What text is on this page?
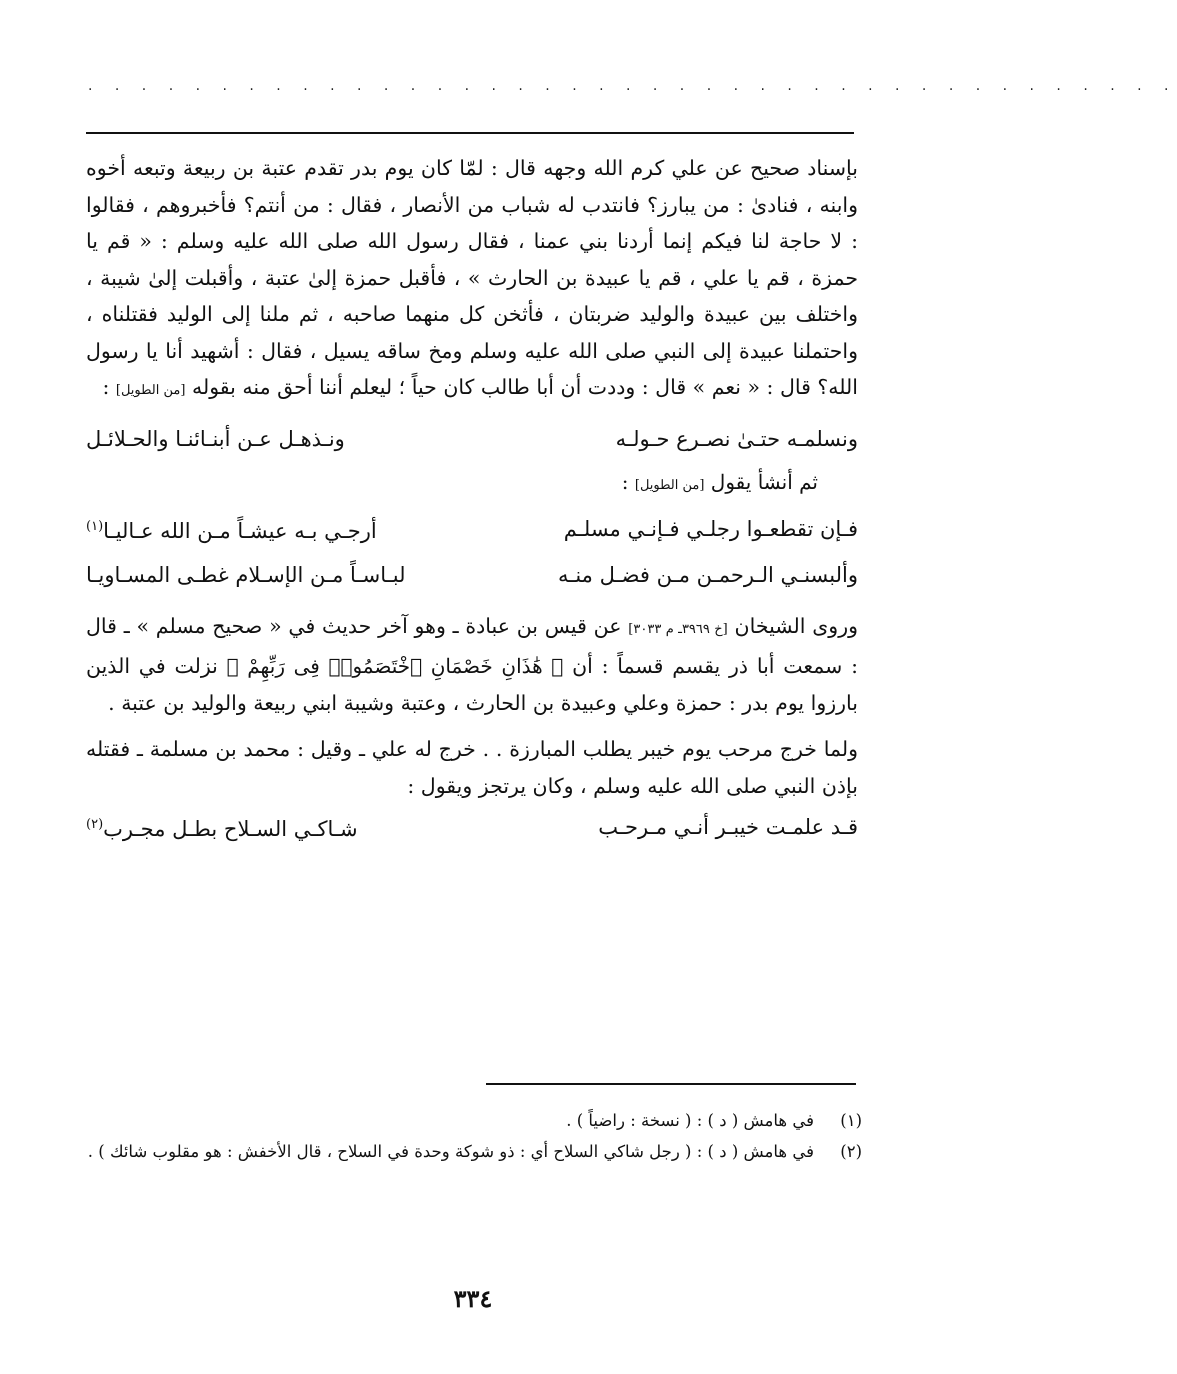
. . . . . . . . . . . . . . . . . . . . . . . . . . . . . . . . . . . . . . . . .

بإسناد صحيح عن علي كرم الله وجهه قال : لمّا كان يوم بدر تقدم عتبة بن ربيعة وتبعه أخوه وابنه ، فنادىٰ : من يبارز؟ فانتدب له شباب من الأنصار ، فقال : من أنتم؟ فأخبروهم ، فقالوا : لا حاجة لنا فيكم إنما أردنا بني عمنا ، فقال رسول الله صلى الله عليه وسلم : « قم يا حمزة ، قم يا علي ، قم يا عبيدة بن الحارث » ، فأقبل حمزة إلىٰ عتبة ، وأقبلت إلىٰ شيبة ، واختلف بين عبيدة والوليد ضربتان ، فأثخن كل منهما صاحبه ، ثم ملنا إلى الوليد فقتلناه ، واحتملنا عبيدة إلى النبي صلى الله عليه وسلم ومخ ساقه يسيل ، فقال : أشهيد أنا يا رسول الله؟ قال : « نعم » قال : وددت أن أبا طالب كان حياً ؛ ليعلم أننا أحق منه بقوله [من الطويل] :

ونسلمـه حتـىٰ نصـرع حـولـه
ونـذهـل عـن أبنـائنـا والحـلائـل
ثم أنشأ يقول [من الطويل] :
فـإن تقطعـوا رجلـي فـإنـي مسلـم
أرجـي بـه عيشـاً مـن الله عـاليـا$^{(١)}$
وألبسنـي الـرحمـن مـن فضـل منـه
لبـاسـاً مـن الإسـلام غطـى المسـاويـا

وروى الشيخان [خ ٣٩٦٩ـ م ٣٠٣٣] عن قيس بن عبادة ـ وهو آخر حديث في « صحيح مسلم » ـ قال : سمعت أبا ذر يقسم قسماً : أن ﴿ هَٰذَانِ خَصْمَانِ ٱخْتَصَمُوا۟ فِى رَبِّهِمْ ﴾ نزلت في الذين بارزوا يوم بدر : حمزة وعلي وعبيدة بن الحارث ، وعتبة وشيبة ابني ربيعة والوليد بن عتبة .

ولما خرج مرحب يوم خيبر يطلب المبارزة . . خرج له علي ـ وقيل : محمد بن مسلمة ـ فقتله بإذن النبي صلى الله عليه وسلم ، وكان يرتجز ويقول :

قـد علمـت خيبـر أنـي مـرحـب
شـاكـي السـلاح بطـل مجـرب$^{(٢)}$
(١)
في هامش ( د ) : ( نسخة : راضياً ) .
(٢)
في هامش ( د ) : ( رجل شاكي السلاح أي : ذو شوكة وحدة في السلاح ، قال الأخفش : هو مقلوب شائك ) .
٣٣٤
